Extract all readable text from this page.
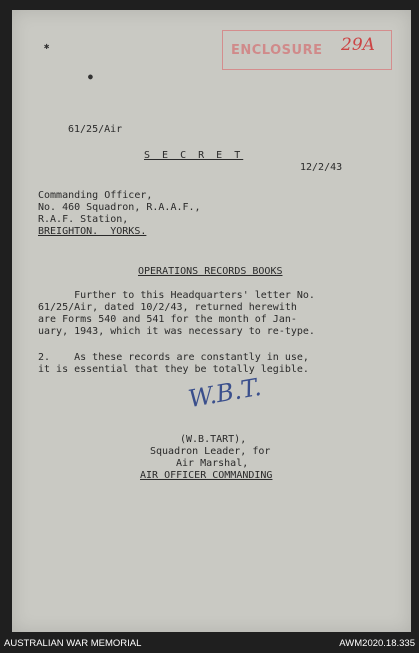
ENCLOSURE 29A
✱
●
61/25/Air
S E C R E T
12/2/43
Commanding Officer,
No. 460 Squadron, R.A.A.F.,
R.A.F. Station,
BREIGHTON.  YORKS.
OPERATIONS RECORDS BOOKS
Further to this Headquarters' letter No.
61/25/Air, dated 10/2/43, returned herewith
are Forms 540 and 541 for the month of Jan-
uary, 1943, which it was necessary to re-type.
2.    As these records are constantly in use,
it is essential that they be totally legible.
W.B.T.
(W.B.TART),
Squadron Leader, for
Air Marshal,
AIR OFFICER COMMANDING
AUSTRALIAN WAR MEMORIAL	AWM2020.18.335
